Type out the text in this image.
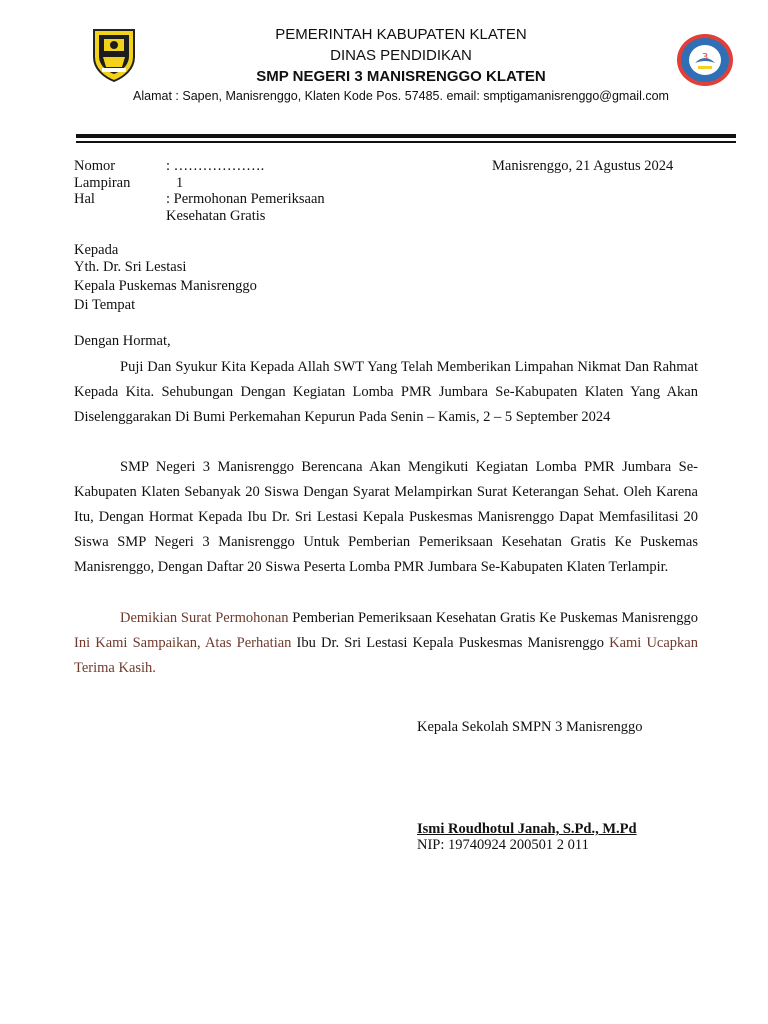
3
PEMERINTAH KABUPATEN KLATEN
DINAS PENDIDIKAN
SMP NEGERI 3 MANISRENGGO KLATEN
Alamat : Sapen, Manisrenggo, Klaten Kode Pos. 57485. email: smptigamanisrenggo@gmail.com
Nomor	: ……………….	Manisrenggo, 21 Agustus 2024
Lampiran	1
Hal	: Permohonan Pemeriksaan
Kesehatan Gratis
Kepada
Yth. Dr. Sri Lestasi
Kepala Puskemas Manisrenggo
Di Tempat
Dengan Hormat,
Puji Dan Syukur Kita Kepada Allah SWT Yang Telah Memberikan Limpahan Nikmat Dan Rahmat Kepada Kita. Sehubungan Dengan Kegiatan Lomba PMR Jumbara Se-Kabupaten Klaten Yang Akan Diselenggarakan Di Bumi Perkemahan Kepurun Pada Senin – Kamis, 2 – 5 September 2024
SMP Negeri 3 Manisrenggo Berencana Akan Mengikuti Kegiatan Lomba PMR Jumbara Se-Kabupaten Klaten Sebanyak 20 Siswa Dengan Syarat Melampirkan Surat Keterangan Sehat. Oleh Karena Itu, Dengan Hormat Kepada Ibu Dr. Sri Lestasi Kepala Puskesmas Manisrenggo Dapat Memfasilitasi 20 Siswa SMP Negeri 3 Manisrenggo Untuk Pemberian Pemeriksaan Kesehatan Gratis Ke Puskemas Manisrenggo, Dengan Daftar 20 Siswa Peserta Lomba PMR Jumbara Se-Kabupaten Klaten Terlampir.
Demikian Surat Permohonan Pemberian Pemeriksaan Kesehatan Gratis Ke Puskemas Manisrenggo Ini Kami Sampaikan, Atas Perhatian Ibu Dr. Sri Lestasi Kepala Puskesmas Manisrenggo Kami Ucapkan Terima Kasih.
Kepala Sekolah SMPN 3 Manisrenggo
Ismi Roudhotul Janah, S.Pd., M.Pd
NIP: 19740924 200501 2 011
